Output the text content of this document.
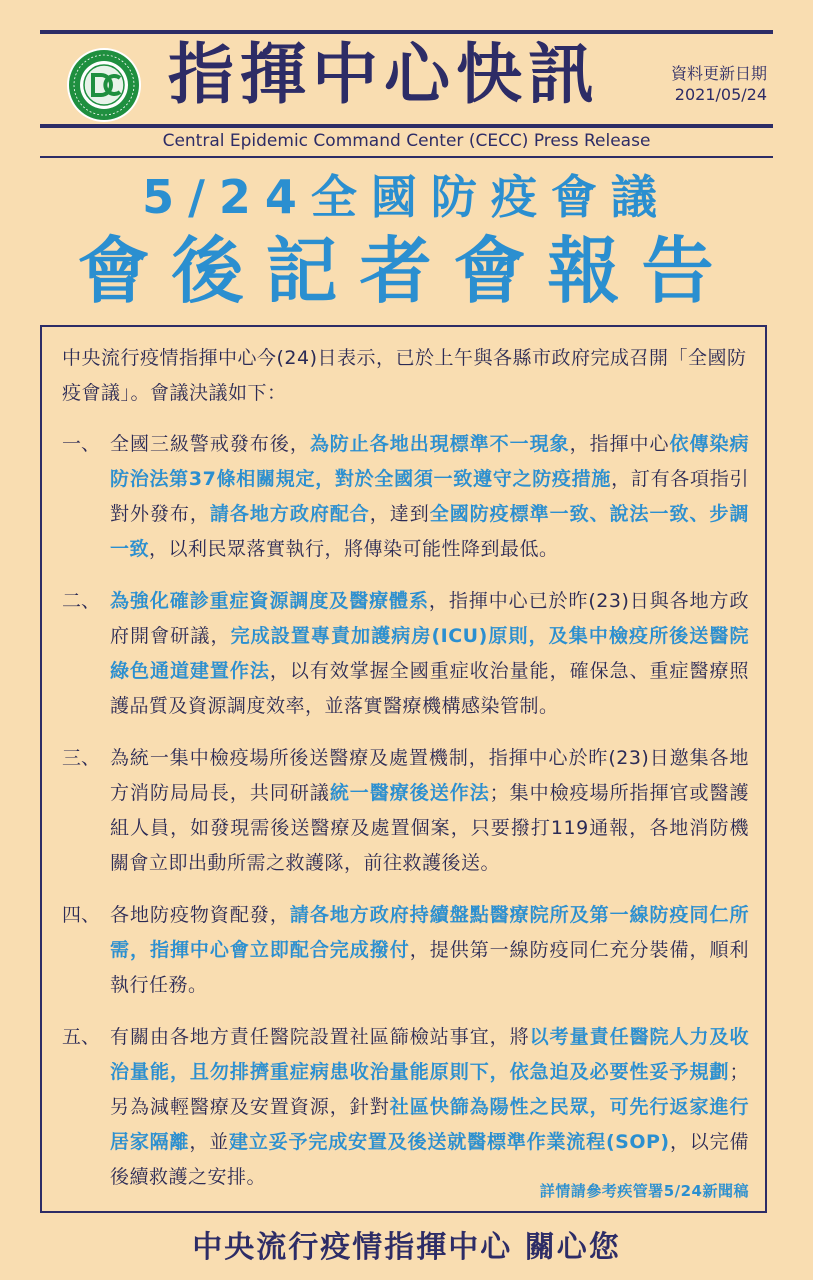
指揮中心快訊	資料更新日期
2021/05/24
Central Epidemic Command Center (CECC) Press Release
5/24全國防疫會議
會後記者會報告

中央流行疫情指揮中心今(24)日表示，已於上午與各縣市政府完成召開「全國防疫會議」。會議決議如下：

一、 全國三級警戒發布後，為防止各地出現標準不一現象，指揮中心依傳染病防治法第37條相關規定，對於全國須一致遵守之防疫措施，訂有各項指引對外發布，請各地方政府配合，達到全國防疫標準一致、說法一致、步調一致，以利民眾落實執行，將傳染可能性降到最低。

二、 為強化確診重症資源調度及醫療體系，指揮中心已於昨(23)日與各地方政府開會研議，完成設置專責加護病房(ICU)原則，及集中檢疫所後送醫院綠色通道建置作法，以有效掌握全國重症收治量能，確保急、重症醫療照護品質及資源調度效率，並落實醫療機構感染管制。

三、 為統一集中檢疫場所後送醫療及處置機制，指揮中心於昨(23)日邀集各地方消防局局長，共同研議統一醫療後送作法；集中檢疫場所指揮官或醫護組人員，如發現需後送醫療及處置個案，只要撥打119通報，各地消防機關會立即出動所需之救護隊，前往救護後送。

四、 各地防疫物資配發，請各地方政府持續盤點醫療院所及第一線防疫同仁所需，指揮中心會立即配合完成撥付，提供第一線防疫同仁充分裝備，順利執行任務。

五、 有關由各地方責任醫院設置社區篩檢站事宜，將以考量責任醫院人力及收治量能，且勿排擠重症病患收治量能原則下，依急迫及必要性妥予規劃；另為減輕醫療及安置資源，針對社區快篩為陽性之民眾，可先行返家進行居家隔離，並建立妥予完成安置及後送就醫標準作業流程(SOP)，以完備後續救護之安排。

詳情請參考疾管署5/24新聞稿
中央流行疫情指揮中心 關心您
